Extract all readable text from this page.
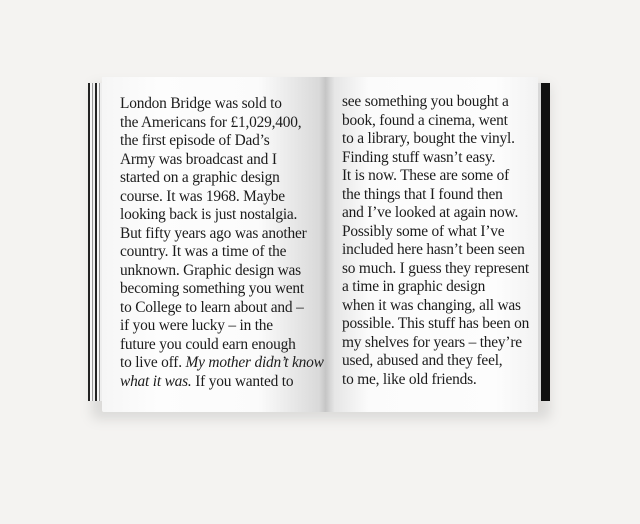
London Bridge was sold to
the Americans for £1,029,400,
the first episode of Dad’s
Army was broadcast and I
started on a graphic design
course. It was 1968. Maybe
looking back is just nostalgia.
But fifty years ago was another
country. It was a time of the
unknown. Graphic design was
becoming something you went
to College to learn about and –
if you were lucky – in the
future you could earn enough
to live off. My mother didn’t know
what it was. If you wanted to
see something you bought a
book, found a cinema, went
to a library, bought the vinyl.
Finding stuff wasn’t easy.
It is now. These are some of
the things that I found then
and I’ve looked at again now.
Possibly some of what I’ve
included here hasn’t been seen
so much. I guess they represent
a time in graphic design
when it was changing, all was
possible. This stuff has been on
my shelves for years – they’re
used, abused and they feel,
to me, like old friends.
